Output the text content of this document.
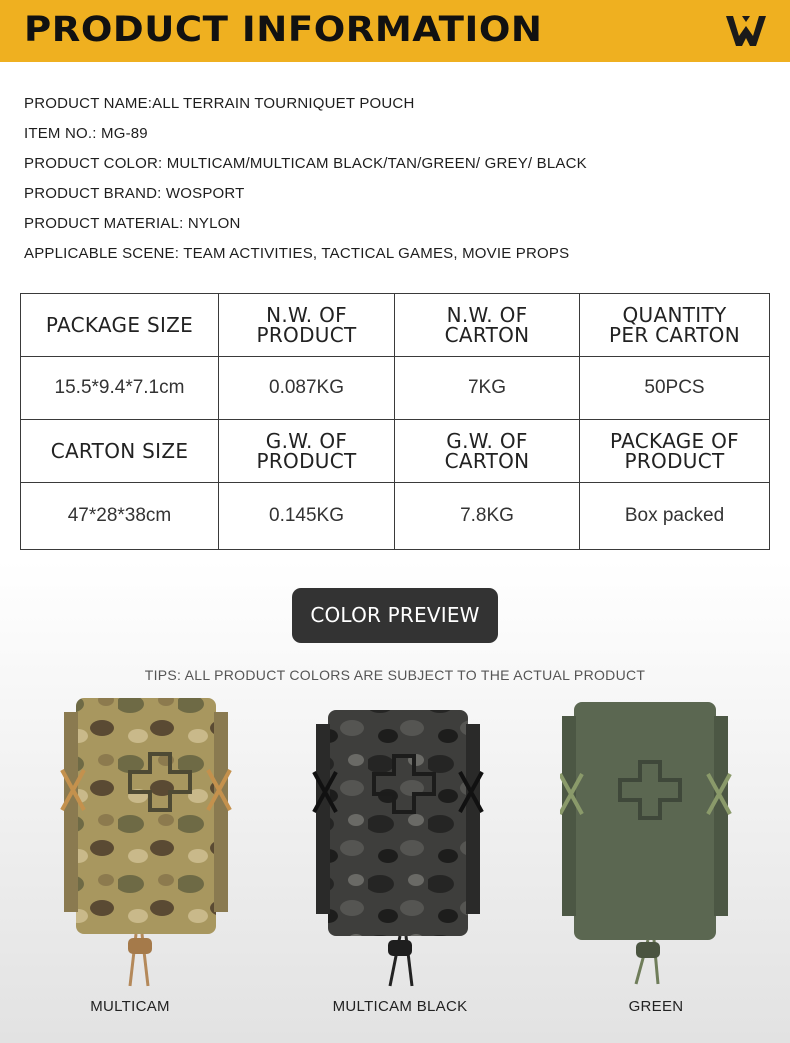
PRODUCT INFORMATION
PRODUCT NAME:ALL TERRAIN TOURNIQUET POUCH
ITEM NO.: MG-89
PRODUCT COLOR: MULTICAM/MULTICAM BLACK/TAN/GREEN/ GREY/ BLACK
PRODUCT BRAND: WOSPORT
PRODUCT MATERIAL: NYLON
APPLICABLE SCENE: TEAM ACTIVITIES, TACTICAL GAMES, MOVIE PROPS
PACKAGE SIZE	N.W. OF PRODUCT	N.W. OF CARTON	QUANTITY PER CARTON

15.5*9.4*7.1cm	0.087KG	7KG	50PCS
CARTON SIZE	G.W. OF PRODUCT	G.W. OF CARTON	PACKAGE OF PRODUCT

47*28*38cm	0.145KG	7.8KG	Box packed
COLOR PREVIEW
TIPS: ALL PRODUCT COLORS ARE SUBJECT TO THE ACTUAL PRODUCT
MULTICAM	MULTICAM BLACK	GREEN
